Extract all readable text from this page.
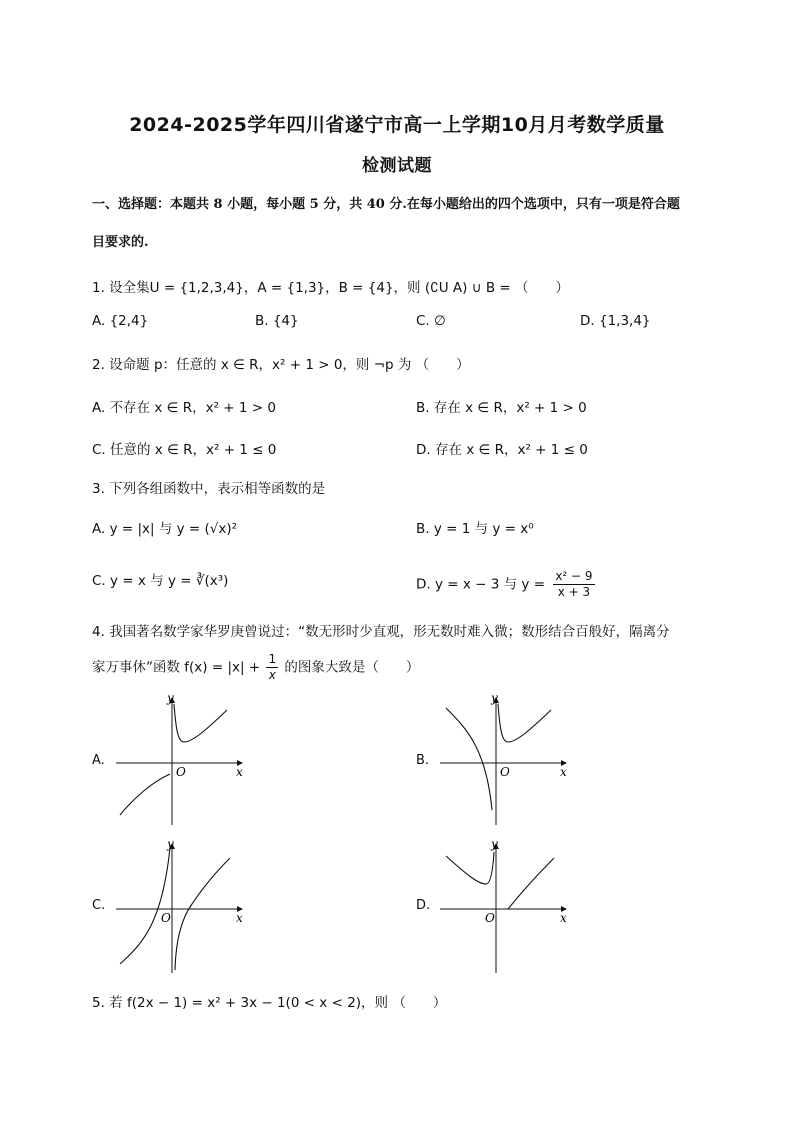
2024-2025学年四川省遂宁市高一上学期10月月考数学质量
检测试题
一、选择题：本题共 8 小题，每小题 5 分，共 40 分.在每小题给出的四个选项中，只有一项是符合题
目要求的.
1. 设全集U = {1,2,3,4}，A = {1,3}，B = {4}，则 (∁U A) ∪ B = （　　）
A. {2,4}	B. {4}	C. ∅	D. {1,3,4}
2. 设命题 p：任意的 x ∈ R，x² + 1 > 0，则 ¬p 为 （　　）
A. 不存在 x ∈ R，x² + 1 > 0	B. 存在 x ∈ R，x² + 1 > 0
C. 任意的 x ∈ R，x² + 1 ≤ 0	D. 存在 x ∈ R，x² + 1 ≤ 0
3. 下列各组函数中，表示相等函数的是
A. y = |x| 与 y = (√x)²	B. y = 1 与 y = x⁰
C. y = x 与 y = ∛(x³)	D. y = x − 3 与 $y = \frac{\text{x² − 9}}{x + 3}$
4. 我国著名数学家华罗庚曾说过：“数无形时少直观，形无数时难入微；数形结合百般好，隔离分
家万事休”函数 $f(x) = |x| + \frac{1}{x}$ 的图象大致是（　　）
A.	B.
C.	D.
y
x
O
y
x
O
y
x
O
y
x
O
5. 若 f(2x − 1) = x² + 3x − 1(0 < x < 2)，则 （　　）
